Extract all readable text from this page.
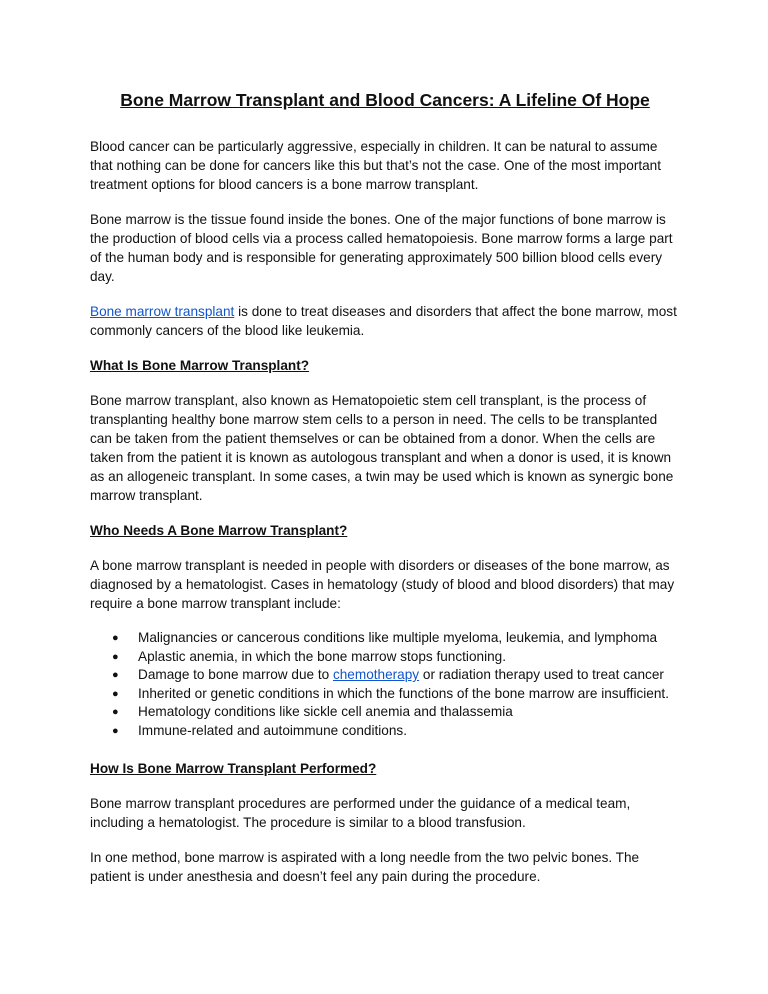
Bone Marrow Transplant and Blood Cancers: A Lifeline Of Hope

Blood cancer can be particularly aggressive, especially in children. It can be natural to assume that nothing can be done for cancers like this but that’s not the case. One of the most important treatment options for blood cancers is a bone marrow transplant.

Bone marrow is the tissue found inside the bones. One of the major functions of bone marrow is the production of blood cells via a process called hematopoiesis. Bone marrow forms a large part of the human body and is responsible for generating approximately 500 billion blood cells every day.

Bone marrow transplant is done to treat diseases and disorders that affect the bone marrow, most commonly cancers of the blood like leukemia.

What Is Bone Marrow Transplant?

Bone marrow transplant, also known as Hematopoietic stem cell transplant, is the process of transplanting healthy bone marrow stem cells to a person in need. The cells to be transplanted can be taken from the patient themselves or can be obtained from a donor. When the cells are taken from the patient it is known as autologous transplant and when a donor is used, it is known as an allogeneic transplant. In some cases, a twin may be used which is known as synergic bone marrow transplant.

Who Needs A Bone Marrow Transplant?

A bone marrow transplant is needed in people with disorders or diseases of the bone marrow, as diagnosed by a hematologist. Cases in hematology (study of blood and blood disorders) that may require a bone marrow transplant include:

● Malignancies or cancerous conditions like multiple myeloma, leukemia, and lymphoma
● Aplastic anemia, in which the bone marrow stops functioning.
● Damage to bone marrow due to chemotherapy or radiation therapy used to treat cancer
● Inherited or genetic conditions in which the functions of the bone marrow are insufficient.
● Hematology conditions like sickle cell anemia and thalassemia
● Immune-related and autoimmune conditions.
How Is Bone Marrow Transplant Performed?

Bone marrow transplant procedures are performed under the guidance of a medical team, including a hematologist. The procedure is similar to a blood transfusion.

In one method, bone marrow is aspirated with a long needle from the two pelvic bones. The patient is under anesthesia and doesn’t feel any pain during the procedure.
